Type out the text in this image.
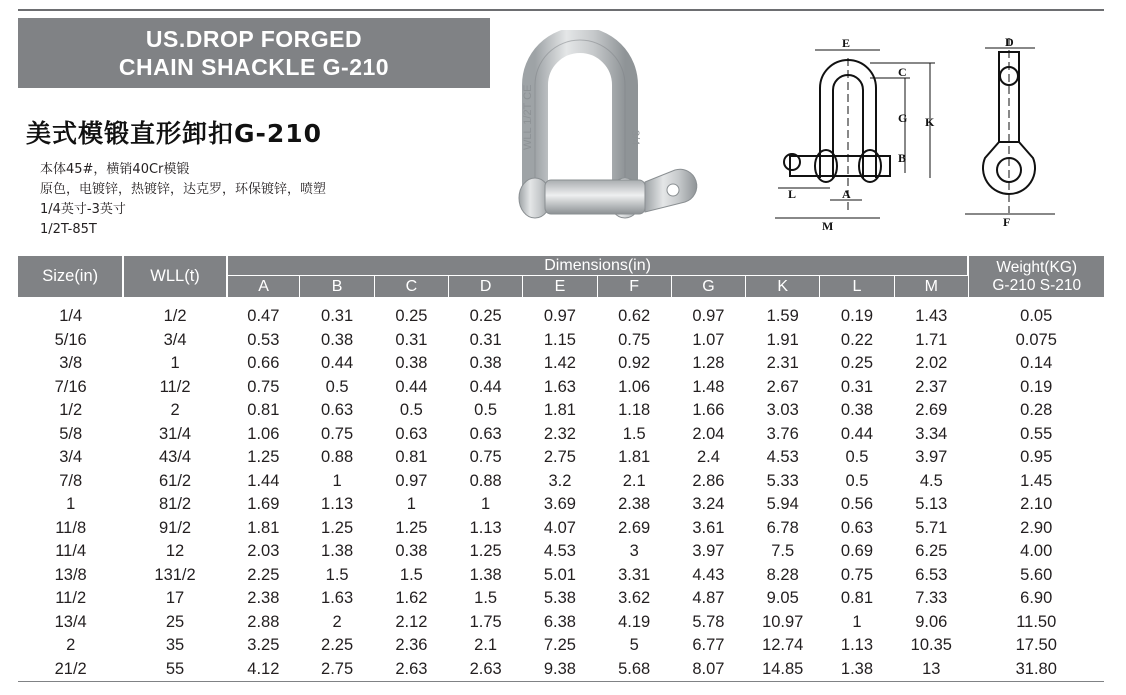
US.DROP FORGED
CHAIN SHACKLE G-210
美式模锻直形卸扣G-210
本体45#，横销40Cr模锻
原色，电镀锌，热镀锌，达克罗，环保镀锌，喷塑
1/4英寸-3英寸
1/2T-85T
WLL 1/2T CE	3/4
E
C
G K
B
L	A
M
D
F
Size(in)	WLL(t)	Dimensions(in)										Weight(KG)
G-210 S-210
		A	B	C	D	E	F	G	K	L	M	
1/4	1/2	0.47	0.31	0.25	0.25	0.97	0.62	0.97	1.59	0.19	1.43	0.05
5/16	3/4	0.53	0.38	0.31	0.31	1.15	0.75	1.07	1.91	0.22	1.71	0.075
3/8	1	0.66	0.44	0.38	0.38	1.42	0.92	1.28	2.31	0.25	2.02	0.14
7/16	11/2	0.75	0.5	0.44	0.44	1.63	1.06	1.48	2.67	0.31	2.37	0.19
1/2	2	0.81	0.63	0.5	0.5	1.81	1.18	1.66	3.03	0.38	2.69	0.28
5/8	31/4	1.06	0.75	0.63	0.63	2.32	1.5	2.04	3.76	0.44	3.34	0.55
3/4	43/4	1.25	0.88	0.81	0.75	2.75	1.81	2.4	4.53	0.5	3.97	0.95
7/8	61/2	1.44	1	0.97	0.88	3.2	2.1	2.86	5.33	0.5	4.5	1.45
1	81/2	1.69	1.13	1	1	3.69	2.38	3.24	5.94	0.56	5.13	2.10
11/8	91/2	1.81	1.25	1.25	1.13	4.07	2.69	3.61	6.78	0.63	5.71	2.90
11/4	12	2.03	1.38	0.38	1.25	4.53	3	3.97	7.5	0.69	6.25	4.00
13/8	131/2	2.25	1.5	1.5	1.38	5.01	3.31	4.43	8.28	0.75	6.53	5.60
11/2	17	2.38	1.63	1.62	1.5	5.38	3.62	4.87	9.05	0.81	7.33	6.90
13/4	25	2.88	2	2.12	1.75	6.38	4.19	5.78	10.97	1	9.06	11.50
2	35	3.25	2.25	2.36	2.1	7.25	5	6.77	12.74	1.13	10.35	17.50
21/2	55	4.12	2.75	2.63	2.63	9.38	5.68	8.07	14.85	1.38	13	31.80
